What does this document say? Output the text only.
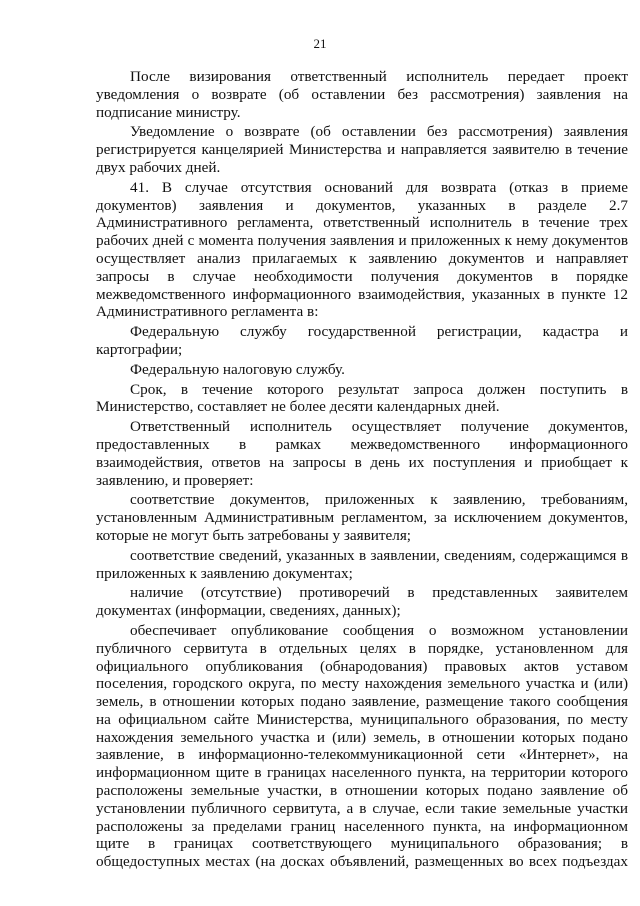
21

После визирования ответственный исполнитель передает проект уведомления о возврате (об оставлении без рассмотрения) заявления на подписание министру.

Уведомление о возврате (об оставлении без рассмотрения) заявления регистрируется канцелярией Министерства и направляется заявителю в течение двух рабочих дней.

41. В случае отсутствия оснований для возврата (отказ в приеме документов) заявления и документов, указанных в разделе 2.7 Административного регламента, ответственный исполнитель в течение трех рабочих дней с момента получения заявления и приложенных к нему документов осуществляет анализ прилагаемых к заявлению документов и направляет запросы в случае необходимости получения документов в порядке межведомственного информационного взаимодействия, указанных в пункте 12 Административного регламента в:

Федеральную службу государственной регистрации, кадастра и картографии;

Федеральную налоговую службу.

Срок, в течение которого результат запроса должен поступить в Министерство, составляет не более десяти календарных дней.

Ответственный исполнитель осуществляет получение документов, предоставленных в рамках межведомственного информационного взаимодействия, ответов на запросы в день их поступления и приобщает к заявлению, и проверяет:

соответствие документов, приложенных к заявлению, требованиям, установленным Административным регламентом, за исключением документов, которые не могут быть затребованы у заявителя;

соответствие сведений, указанных в заявлении, сведениям, содержащимся в приложенных к заявлению документах;

наличие (отсутствие) противоречий в представленных заявителем документах (информации, сведениях, данных);

обеспечивает опубликование сообщения о возможном установлении публичного сервитута в отдельных целях в порядке, установленном для официального опубликования (обнародования) правовых актов уставом поселения, городского округа, по месту нахождения земельного участка и (или) земель, в отношении которых подано заявление, размещение такого сообщения на официальном сайте Министерства, муниципального образования, по месту нахождения земельного участка и (или) земель, в отношении которых подано заявление, в информационно-телекоммуникационной сети «Интернет», на информационном щите в границах населенного пункта, на территории которого расположены земельные участки, в отношении которых подано заявление об установлении публичного сервитута, а в случае, если такие земельные участки расположены за пределами границ населенного пункта, на информационном щите в границах соответствующего муниципального образования; в общедоступных местах (на досках объявлений, размещенных во всех подъездах
